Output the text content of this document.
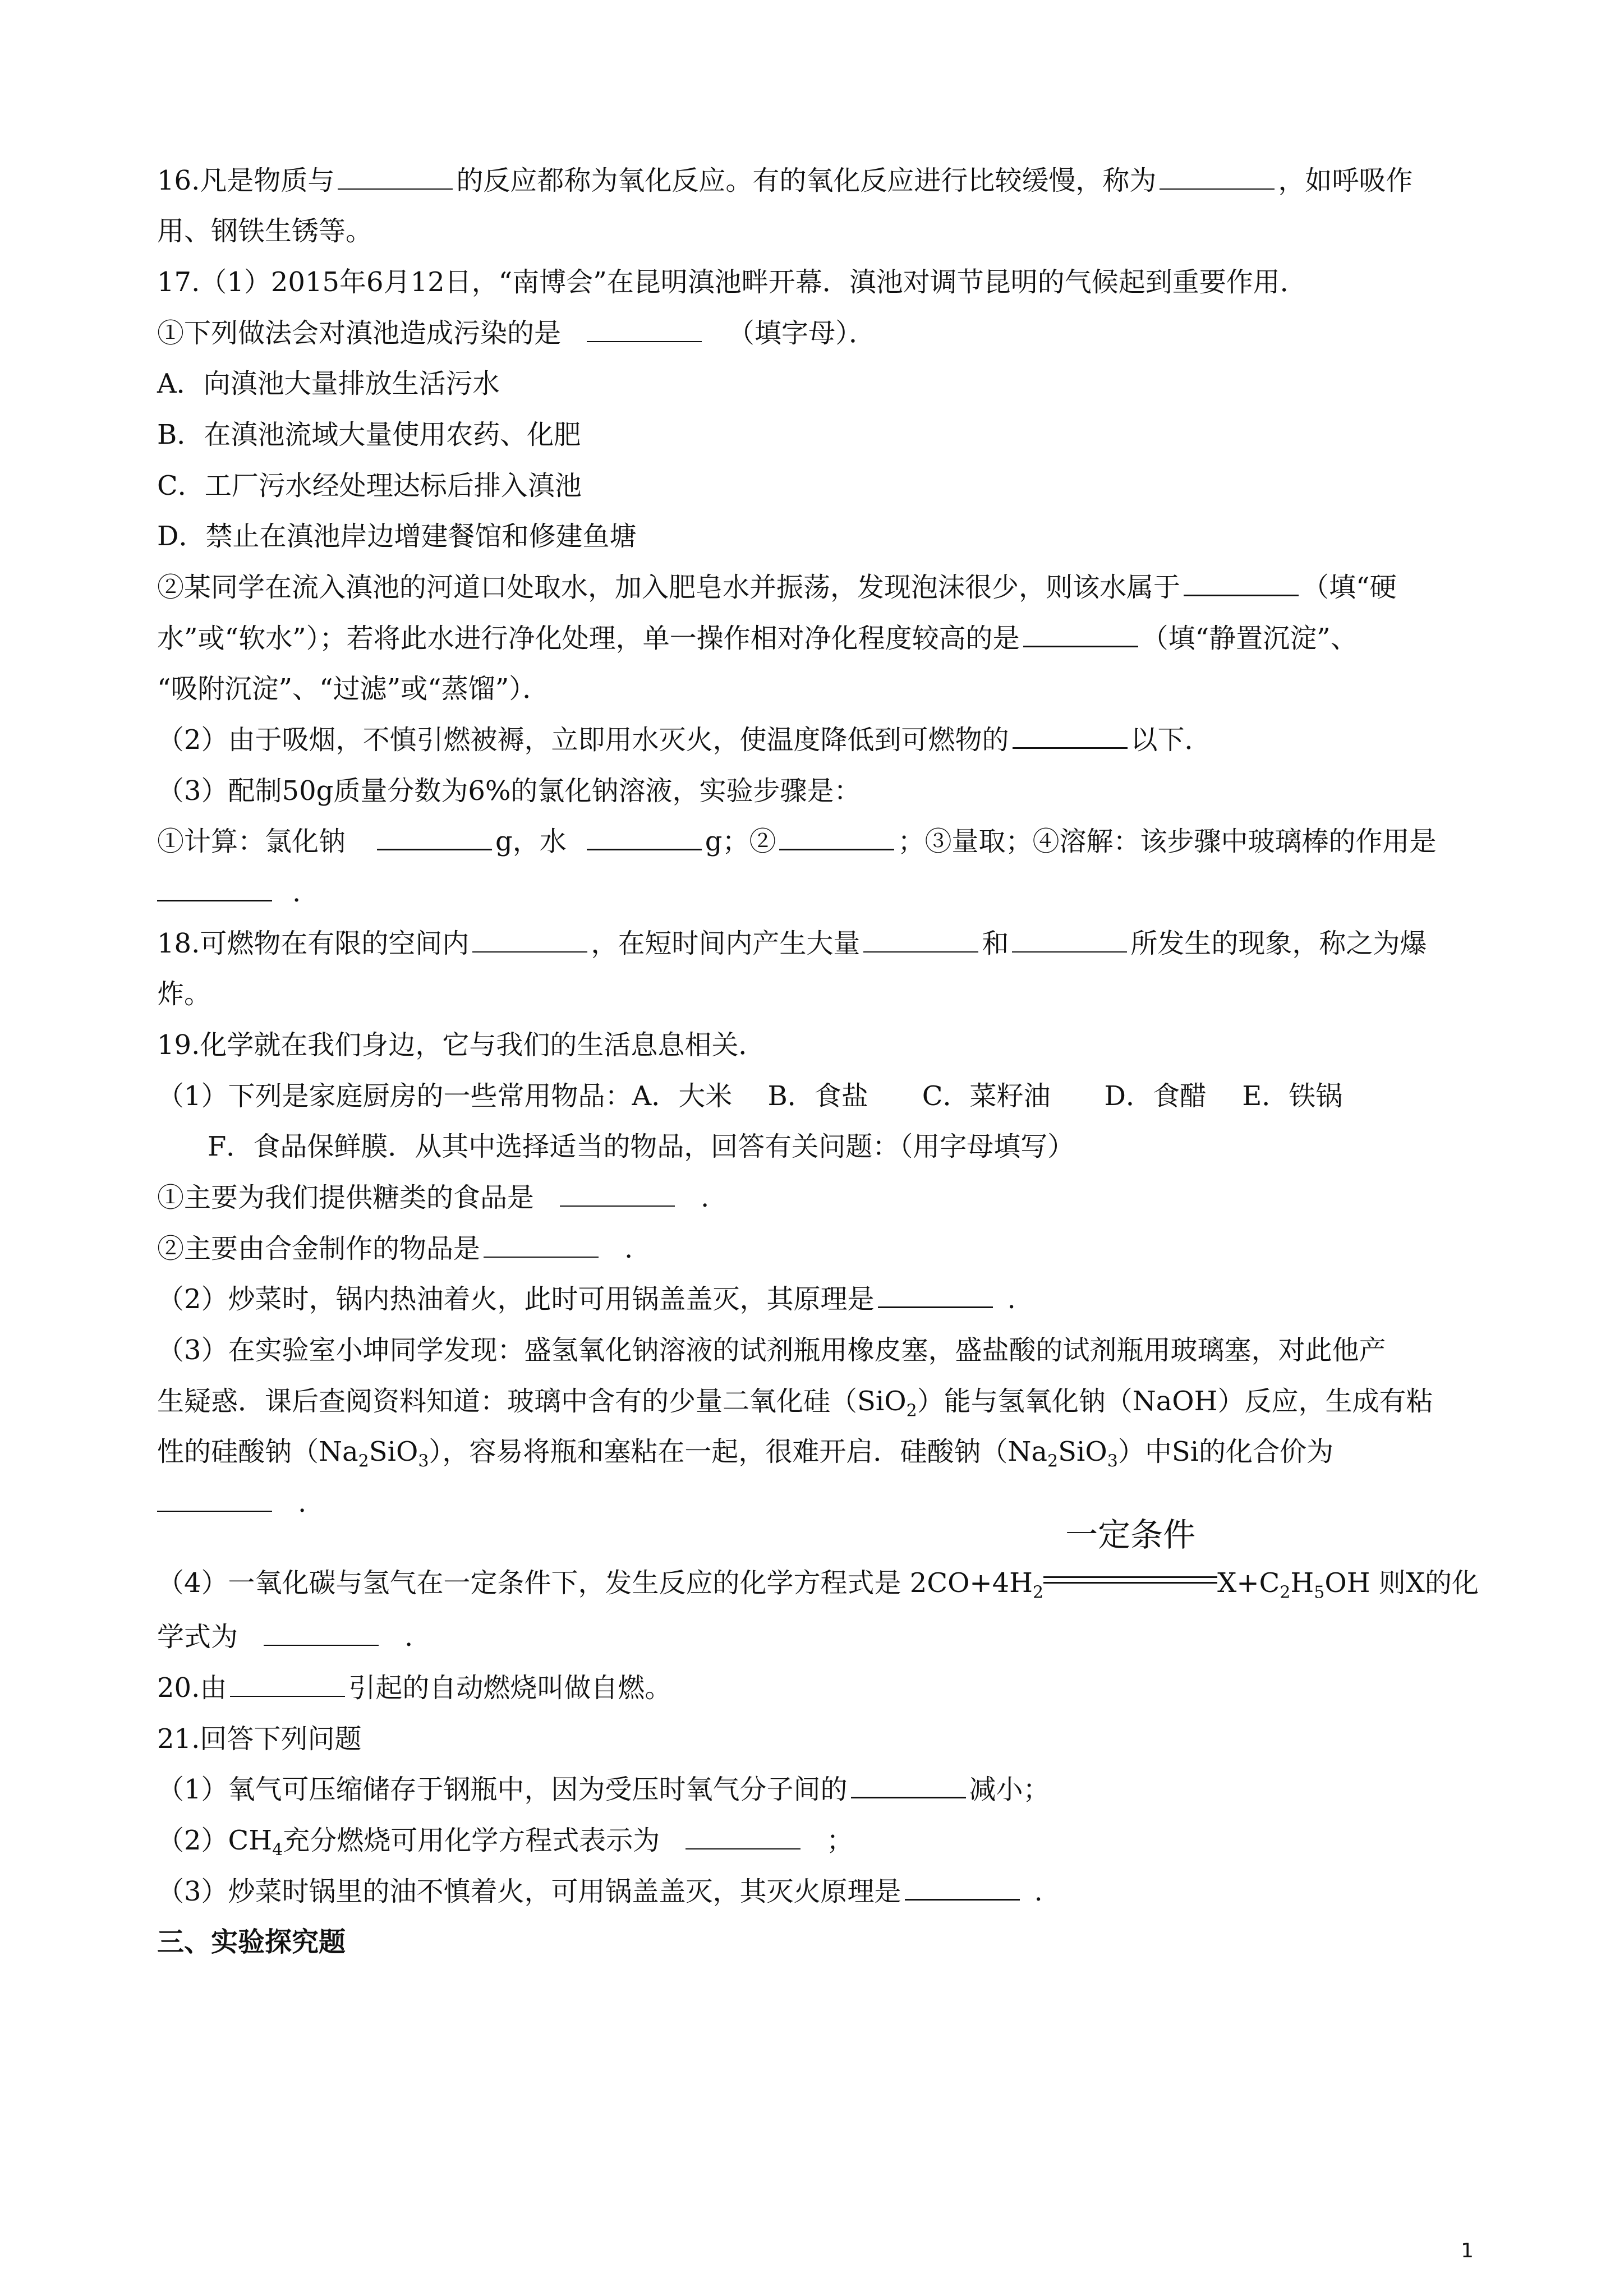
16.凡是物质与	的反应都称为氧化反应。有的氧化反应进行比较缓慢，称为	，如呼吸作
用、钢铁生锈等。
17.（1）2015年6月12日，“南博会”在昆明滇池畔开幕．滇池对调节昆明的气候起到重要作用．
①下列做法会对滇池造成污染的是	（填字母）．
A．向滇池大量排放生活污水
B．在滇池流域大量使用农药、化肥
C．工厂污水经处理达标后排入滇池
D．禁止在滇池岸边增建餐馆和修建鱼塘
②某同学在流入滇池的河道口处取水，加入肥皂水并振荡，发现泡沫很少，则该水属于	（填“硬
水”或“软水”）；若将此水进行净化处理，单一操作相对净化程度较高的是	（填“静置沉淀”、
“吸附沉淀”、“过滤”或“蒸馏”）．
（2）由于吸烟，不慎引燃被褥，立即用水灭火，使温度降低到可燃物的	以下．
（3）配制50g质量分数为6%的氯化钠溶液，实验步骤是：
①计算：氯化钠	g，水	g；②	；③量取；④溶解：该步骤中玻璃棒的作用是
.
18.可燃物在有限的空间内	，在短时间内产生大量	和	所发生的现象，称之为爆
炸。
19.化学就在我们身边，它与我们的生活息息相关．
（1）下列是家庭厨房的一些常用物品：A．大米　 B．食盐　　C．菜籽油　　D．食醋　 E．铁锅
F．食品保鲜膜．从其中选择适当的物品，回答有关问题：（用字母填写）
①主要为我们提供糖类的食品是	.
②主要由合金制作的物品是	.
（2）炒菜时，锅内热油着火，此时可用锅盖盖灭，其原理是	.
（3）在实验室小坤同学发现：盛氢氧化钠溶液的试剂瓶用橡皮塞，盛盐酸的试剂瓶用玻璃塞，对此他产
生疑惑．课后查阅资料知道：玻璃中含有的少量二氧化硅（SiO$_2$）能与氢氧化钠（NaOH）反应，生成有粘
性的硅酸钠$(Na_2SiO_3)$，容易将瓶和塞粘在一起，很难开启．硅酸钠$(Na_2SiO_3)$中Si的化合价为
.
（4）一氧化碳与氢气在一定条件下，发生反应的化学方程式是 $2CO+4H_2$
一定条件
$X+C_2H_5OH$ 则X的化
学式为	.
20.由	引起的自动燃烧叫做自燃。
21.回答下列问题
（1）氧气可压缩储存于钢瓶中，因为受压时氧气分子间的	减小；
$(2)CH_4$充分燃烧可用化学方程式表示为	；
（3）炒菜时锅里的油不慎着火，可用锅盖盖灭，其灭火原理是	.
三、实验探究题
1
